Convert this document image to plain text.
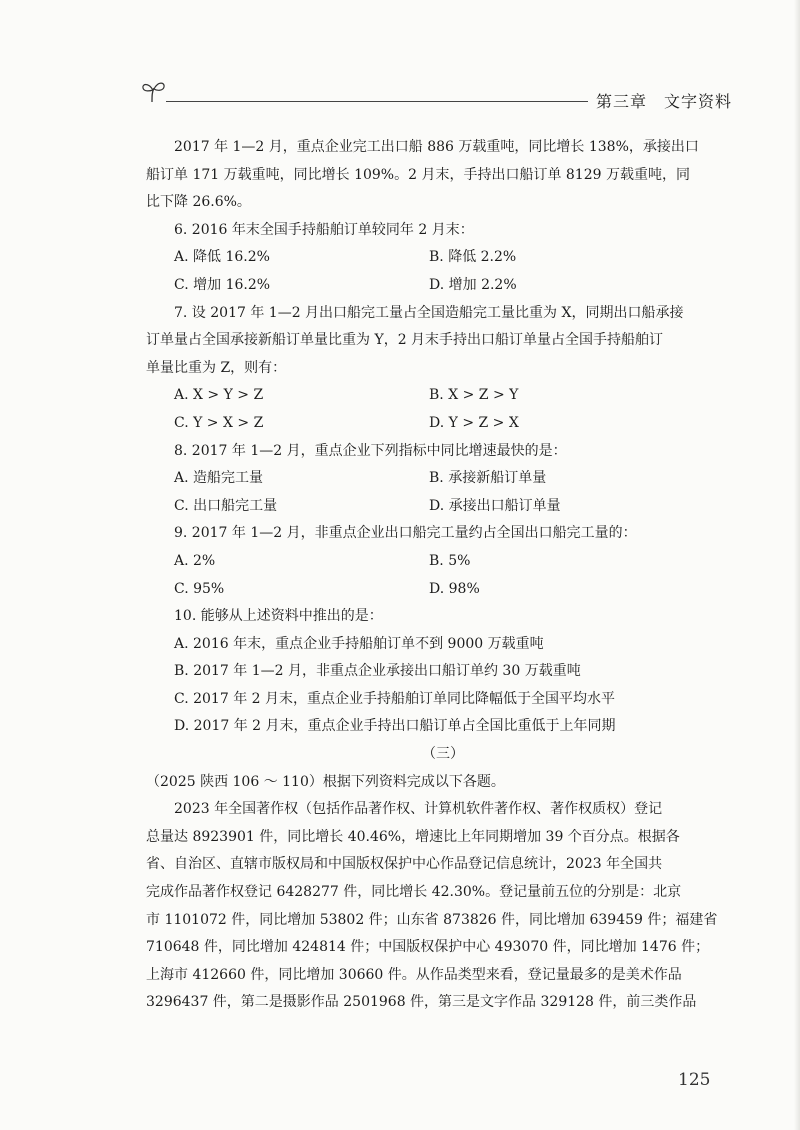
第三章　文字资料

2017 年 1—2 月，重点企业完工出口船 886 万载重吨，同比增长 138%，承接出口

船订单 171 万载重吨，同比增长 109%。2 月末，手持出口船订单 8129 万载重吨，同

比下降 26.6%。

6. 2016 年末全国手持船舶订单较同年 2 月末：

A. 降低 16.2%	B. 降低 2.2%
C. 增加 16.2%	D. 增加 2.2%

7. 设 2017 年 1—2 月出口船完工量占全国造船完工量比重为 X，同期出口船承接

订单量占全国承接新船订单量比重为 Y，2 月末手持出口船订单量占全国手持船舶订

单量比重为 Z，则有：

A. X > Y > Z	B. X > Z > Y
C. Y > X > Z	D. Y > Z > X

8. 2017 年 1—2 月，重点企业下列指标中同比增速最快的是：

A. 造船完工量	B. 承接新船订单量
C. 出口船完工量	D. 承接出口船订单量

9. 2017 年 1—2 月，非重点企业出口船完工量约占全国出口船完工量的：

A. 2%	B. 5%
C. 95%	D. 98%

10. 能够从上述资料中推出的是：

A. 2016 年末，重点企业手持船舶订单不到 9000 万载重吨

B. 2017 年 1—2 月，非重点企业承接出口船订单约 30 万载重吨

C. 2017 年 2 月末，重点企业手持船舶订单同比降幅低于全国平均水平

D. 2017 年 2 月末，重点企业手持出口船订单占全国比重低于上年同期

（三）

（2025 陕西 106 ～ 110）根据下列资料完成以下各题。

2023 年全国著作权（包括作品著作权、计算机软件著作权、著作权质权）登记

总量达 8923901 件，同比增长 40.46%，增速比上年同期增加 39 个百分点。根据各

省、自治区、直辖市版权局和中国版权保护中心作品登记信息统计，2023 年全国共

完成作品著作权登记 6428277 件，同比增长 42.30%。登记量前五位的分别是：北京

市 1101072 件，同比增加 53802 件；山东省 873826 件，同比增加 639459 件；福建省

710648 件，同比增加 424814 件；中国版权保护中心 493070 件，同比增加 1476 件；

上海市 412660 件，同比增加 30660 件。从作品类型来看，登记量最多的是美术作品

3296437 件，第二是摄影作品 2501968 件，第三是文字作品 329128 件，前三类作品

125
